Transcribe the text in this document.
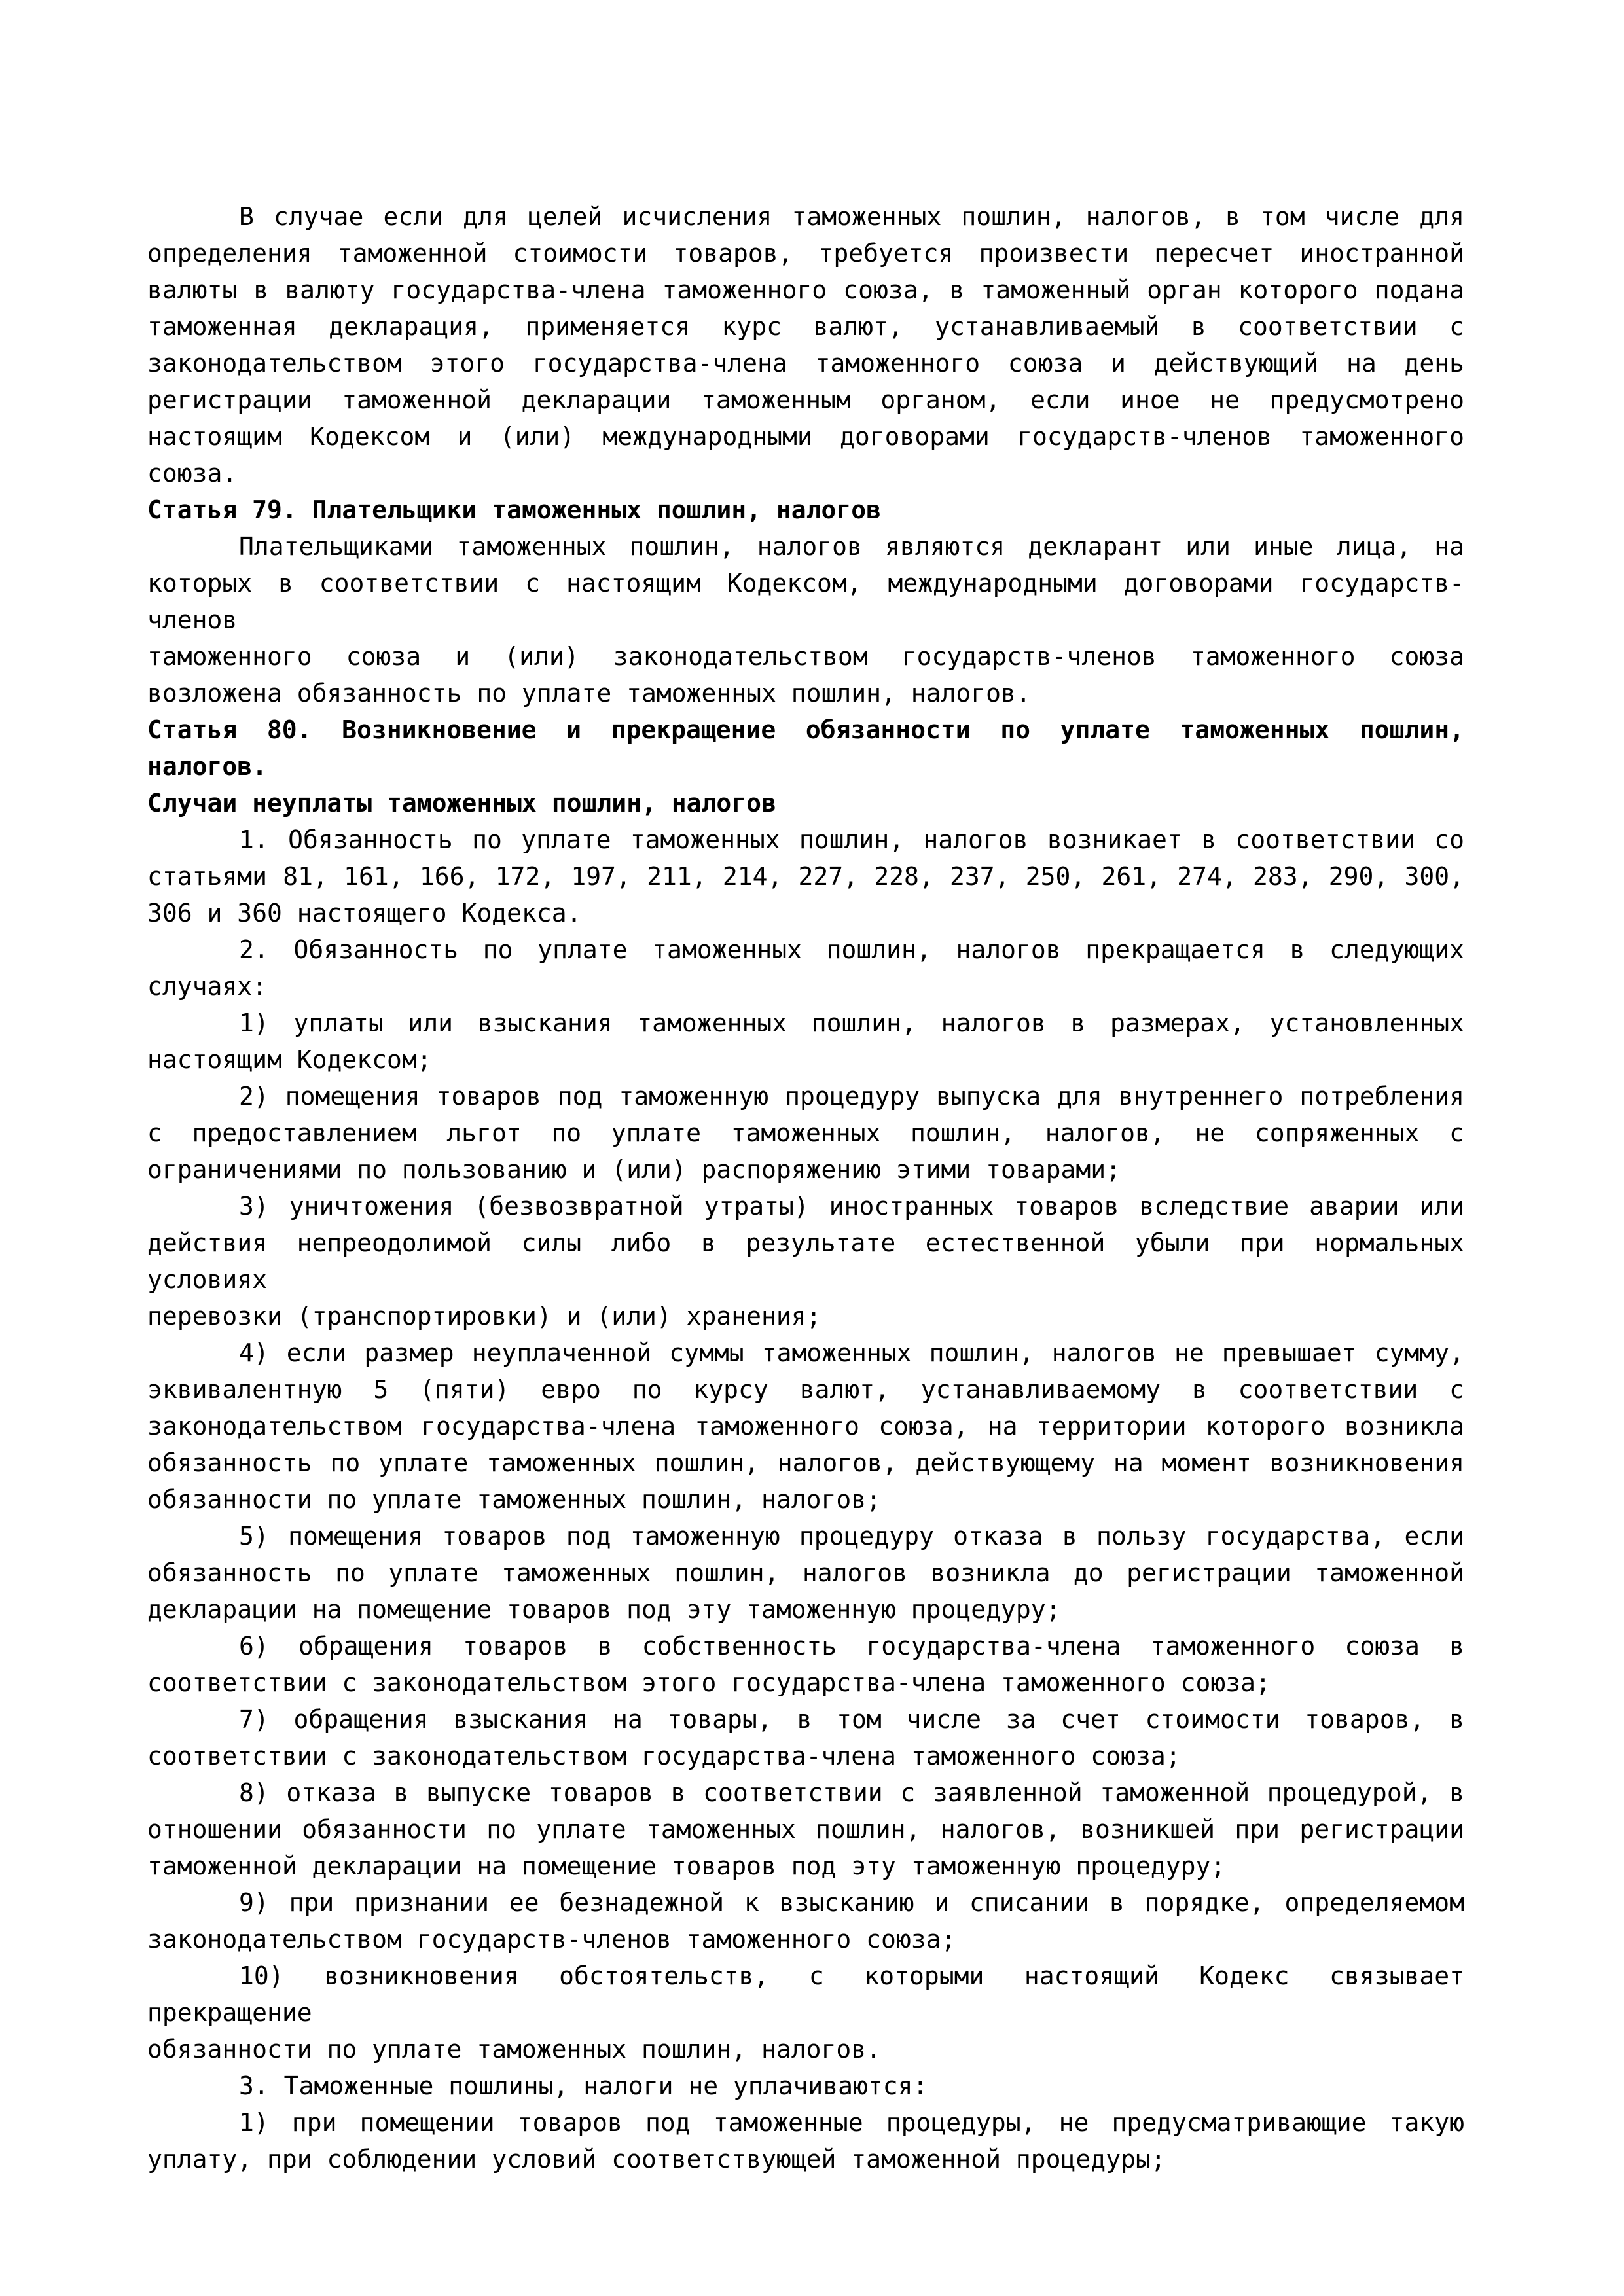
В случае если для целей исчисления таможенных пошлин, налогов, в том числе для
определения таможенной стоимости товаров, требуется произвести пересчет иностранной
валюты в валюту государства-члена таможенного союза, в таможенный орган которого подана
таможенная декларация, применяется курс валют, устанавливаемый в соответствии с
законодательством этого государства-члена таможенного союза и действующий на день
регистрации таможенной декларации таможенным органом, если иное не предусмотрено
настоящим Кодексом и (или) международными договорами государств-членов таможенного
союза.
Статья 79. Плательщики таможенных пошлин, налогов
Плательщиками таможенных пошлин, налогов являются декларант или иные лица, на
которых в соответствии с настоящим Кодексом, международными договорами государств-членов
таможенного союза и (или) законодательством государств-членов таможенного союза
возложена обязанность по уплате таможенных пошлин, налогов.
Статья 80. Возникновение и прекращение обязанности по уплате таможенных пошлин, налогов.
Случаи неуплаты таможенных пошлин, налогов
1. Обязанность по уплате таможенных пошлин, налогов возникает в соответствии со
статьями 81, 161, 166, 172, 197, 211, 214, 227, 228, 237, 250, 261, 274, 283, 290, 300,
306 и 360 настоящего Кодекса.
2. Обязанность по уплате таможенных пошлин, налогов прекращается в следующих
случаях:
1) уплаты или взыскания таможенных пошлин, налогов в размерах, установленных
настоящим Кодексом;
2) помещения товаров под таможенную процедуру выпуска для внутреннего потребления
с предоставлением льгот по уплате таможенных пошлин, налогов, не сопряженных с
ограничениями по пользованию и (или) распоряжению этими товарами;
3) уничтожения (безвозвратной утраты) иностранных товаров вследствие аварии или
действия непреодолимой силы либо в результате естественной убыли при нормальных условиях
перевозки (транспортировки) и (или) хранения;
4) если размер неуплаченной суммы таможенных пошлин, налогов не превышает сумму,
эквивалентную 5 (пяти) евро по курсу валют, устанавливаемому в соответствии с
законодательством государства-члена таможенного союза, на территории которого возникла
обязанность по уплате таможенных пошлин, налогов, действующему на момент возникновения
обязанности по уплате таможенных пошлин, налогов;
5) помещения товаров под таможенную процедуру отказа в пользу государства, если
обязанность по уплате таможенных пошлин, налогов возникла до регистрации таможенной
декларации на помещение товаров под эту таможенную процедуру;
6) обращения товаров в собственность государства-члена таможенного союза в
соответствии с законодательством этого государства-члена таможенного союза;
7) обращения взыскания на товары, в том числе за счет стоимости товаров, в
соответствии с законодательством государства-члена таможенного союза;
8) отказа в выпуске товаров в соответствии с заявленной таможенной процедурой, в
отношении обязанности по уплате таможенных пошлин, налогов, возникшей при регистрации
таможенной декларации на помещение товаров под эту таможенную процедуру;
9) при признании ее безнадежной к взысканию и списании в порядке, определяемом
законодательством государств-членов таможенного союза;
10) возникновения обстоятельств, с которыми настоящий Кодекс связывает прекращение
обязанности по уплате таможенных пошлин, налогов.
3. Таможенные пошлины, налоги не уплачиваются:
1) при помещении товаров под таможенные процедуры, не предусматривающие такую
уплату, при соблюдении условий соответствующей таможенной процедуры;
